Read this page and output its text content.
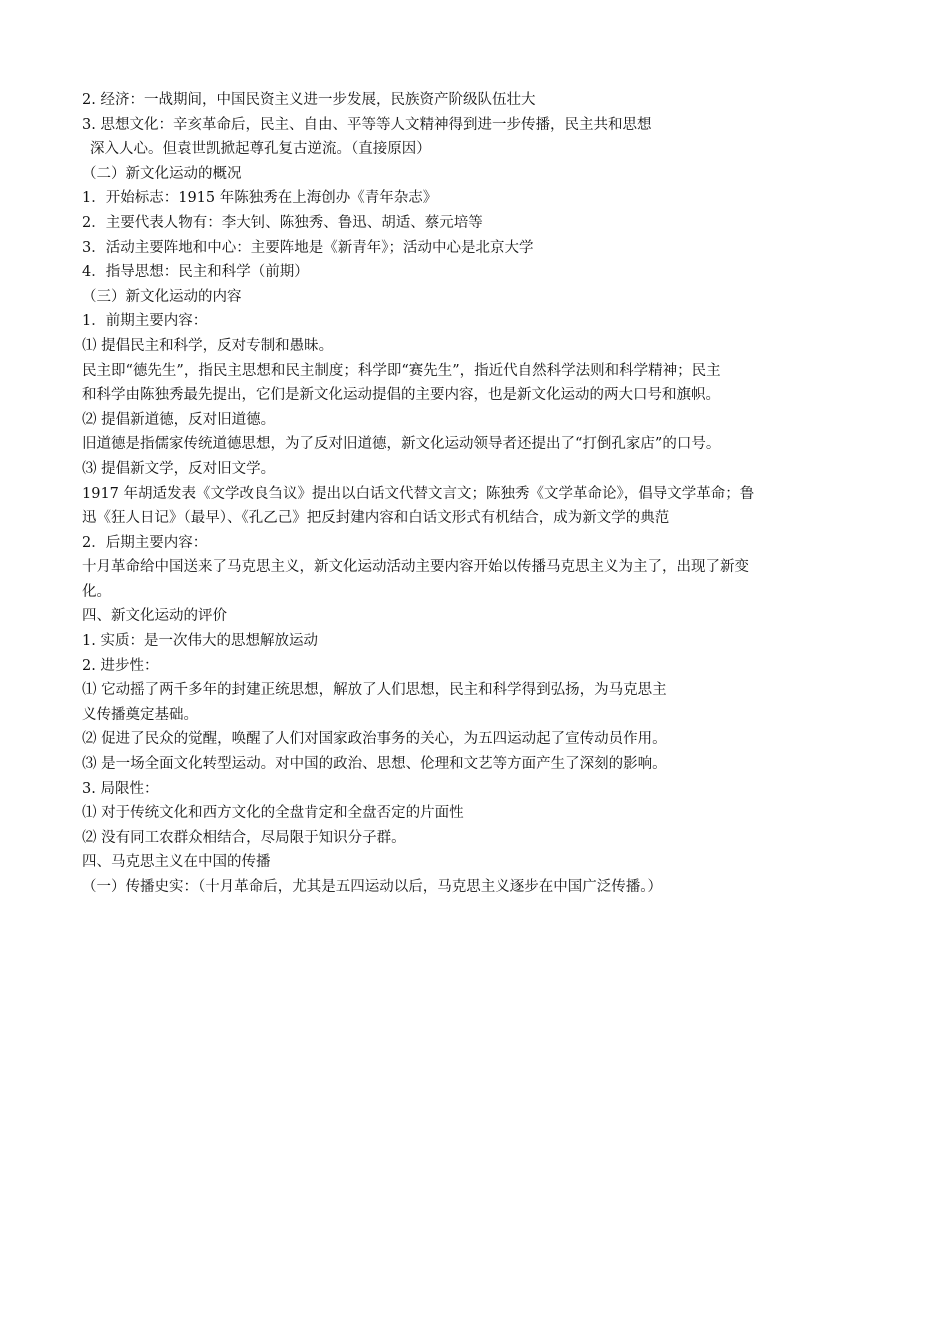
2. 经济：一战期间，中国民资主义进一步发展，民族资产阶级队伍壮大
3. 思想文化：辛亥革命后，民主、自由、平等等人文精神得到进一步传播，民主共和思想
深入人心。但袁世凯掀起尊孔复古逆流。（直接原因）
（二）新文化运动的概况
1．开始标志：1915 年陈独秀在上海创办《青年杂志》
2．主要代表人物有：李大钊、陈独秀、鲁迅、胡适、蔡元培等
3．活动主要阵地和中心：主要阵地是《新青年》；活动中心是北京大学
4．指导思想：民主和科学（前期）
（三）新文化运动的内容
1．前期主要内容：
⑴ 提倡民主和科学，反对专制和愚昧。
民主即“德先生”，指民主思想和民主制度；科学即“赛先生”，指近代自然科学法则和科学精神；民主
和科学由陈独秀最先提出，它们是新文化运动提倡的主要内容，也是新文化运动的两大口号和旗帜。
⑵ 提倡新道德，反对旧道德。
旧道德是指儒家传统道德思想，为了反对旧道德，新文化运动领导者还提出了“打倒孔家店”的口号。
⑶ 提倡新文学，反对旧文学。
1917 年胡适发表《文学改良刍议》提出以白话文代替文言文；陈独秀《文学革命论》，倡导文学革命；鲁
迅《狂人日记》（最早）、《孔乙己》把反封建内容和白话文形式有机结合，成为新文学的典范
2．后期主要内容：
十月革命给中国送来了马克思主义，新文化运动活动主要内容开始以传播马克思主义为主了，出现了新变
化。
四、新文化运动的评价
1. 实质：是一次伟大的思想解放运动
2. 进步性：
⑴ 它动摇了两千多年的封建正统思想，解放了人们思想，民主和科学得到弘扬，为马克思主
义传播奠定基础。
⑵ 促进了民众的觉醒，唤醒了人们对国家政治事务的关心，为五四运动起了宣传动员作用。
⑶ 是一场全面文化转型运动。对中国的政治、思想、伦理和文艺等方面产生了深刻的影响。
3. 局限性：
⑴ 对于传统文化和西方文化的全盘肯定和全盘否定的片面性
⑵ 没有同工农群众相结合，尽局限于知识分子群。
四、马克思主义在中国的传播
（一）传播史实：（十月革命后，尤其是五四运动以后，马克思主义逐步在中国广泛传播。）
